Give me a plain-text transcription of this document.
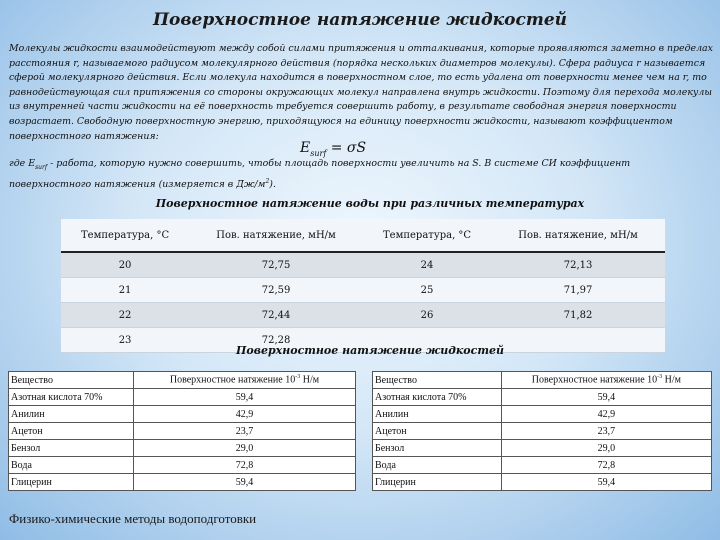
Поверхностное натяжение жидкостей
Молекулы жидкости взаимодействуют между собой силами притяжения и отталкивания, которые проявляются заметно в пределах расстояния r, называемого радиусом молекулярного действия (порядка нескольких диаметров молекулы). Сфера радиуса r называется сферой молекулярного действия. Если молекула находится в поверхностном слое, то есть удалена от поверхности менее чем на r, то равнодействующая сил притяжения со стороны окружающих молекул направлена внутрь жидкости. Поэтому для перехода молекулы из внутренней части жидкости на её поверхность требуется совершить работу, в результате свободная энергия поверхности возрастает. Свободную поверхностную энергию, приходящуюся на единицу поверхности жидкости, называют коэффициентом поверхностного натяжения:
$E_{surf} = \sigma S$
где $E_{surf}$ - работа, которую нужно совершить, чтобы площадь поверхности увеличить на S. В системе СИ коэффициент поверхностного натяжения (измеряется в $Дж/м^2$).
Поверхностное натяжение воды при различных температурах
Температура, °С	Пов. натяжение, мН/м	Температура, °С	Пов. натяжение, мН/м
20	72,75	24	72,13
21	72,59	25	71,97
22	72,44	26	71,82
23	72,28		
Поверхностное натяжение жидкостей
Вещество	Поверхностное натяжение $10^{-3}$ Н/м
Азотная кислота 70%	59,4
Анилин	42,9
Ацетон	23,7
Бензол	29,0
Вода	72,8
Глицерин	59,4
Вещество	Поверхностное натяжение $10^{-3}$ Н/м
Азотная кислота 70%	59,4
Анилин	42,9
Ацетон	23,7
Бензол	29,0
Вода	72,8
Глицерин	59,4
Физико-химические методы водоподготовки
